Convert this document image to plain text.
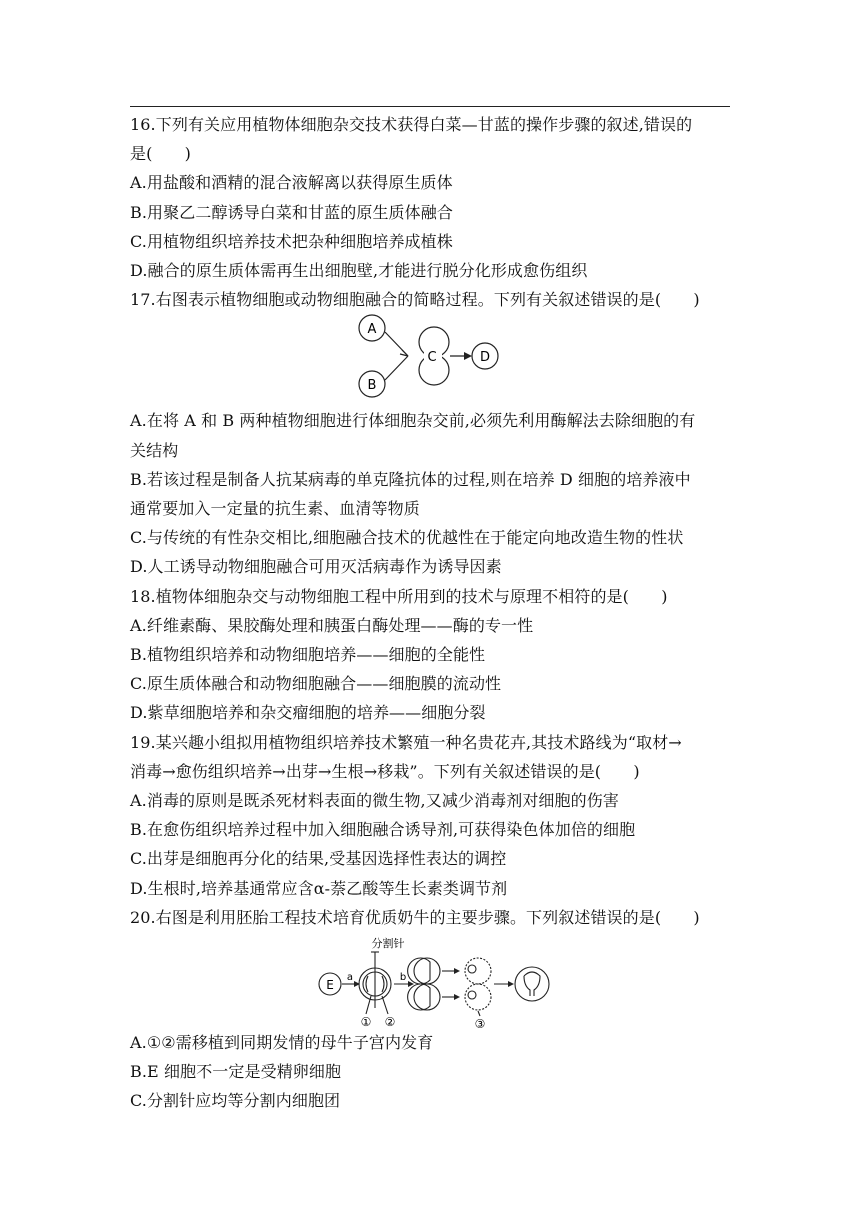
16.下列有关应用植物体细胞杂交技术获得白菜—甘蓝的操作步骤的叙述,错误的
是(　　)
A.用盐酸和酒精的混合液解离以获得原生质体
B.用聚乙二醇诱导白菜和甘蓝的原生质体融合
C.用植物组织培养技术把杂种细胞培养成植株
D.融合的原生质体需再生出细胞壁,才能进行脱分化形成愈伤组织
17.右图表示植物细胞或动物细胞融合的简略过程。下列有关叙述错误的是(　　)
A
B
C	D
A.在将 A 和 B 两种植物细胞进行体细胞杂交前,必须先利用酶解法去除细胞的有
关结构
B.若该过程是制备人抗某病毒的单克隆抗体的过程,则在培养 D 细胞的培养液中
通常要加入一定量的抗生素、血清等物质
C.与传统的有性杂交相比,细胞融合技术的优越性在于能定向地改造生物的性状
D.人工诱导动物细胞融合可用灭活病毒作为诱导因素
18.植物体细胞杂交与动物细胞工程中所用到的技术与原理不相符的是(　　)
A.纤维素酶、果胶酶处理和胰蛋白酶处理——酶的专一性
B.植物组织培养和动物细胞培养——细胞的全能性
C.原生质体融合和动物细胞融合——细胞膜的流动性
D.紫草细胞培养和杂交瘤细胞的培养——细胞分裂
19.某兴趣小组拟用植物组织培养技术繁殖一种名贵花卉,其技术路线为“取材→
消毒→愈伤组织培养→出芽→生根→移栽”。下列有关叙述错误的是(　　)
A.消毒的原则是既杀死材料表面的微生物,又减少消毒剂对细胞的伤害
B.在愈伤组织培养过程中加入细胞融合诱导剂,可获得染色体加倍的细胞
C.出芽是细胞再分化的结果,受基因选择性表达的调控
D.生根时,培养基通常应含α-萘乙酸等生长素类调节剂
20.右图是利用胚胎工程技术培育优质奶牛的主要步骤。下列叙述错误的是(　　)
E
a	b
分割针
① ②	③
A.①②需移植到同期发情的母牛子宫内发育
B.E 细胞不一定是受精卵细胞
C.分割针应均等分割内细胞团
